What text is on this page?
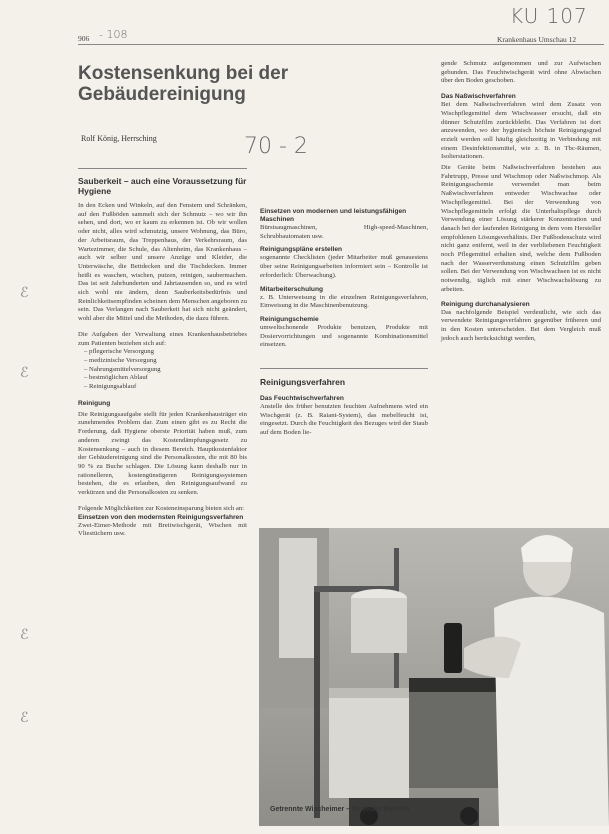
906 - 108	Krankenhaus Umschau 12
KU 107
Kostensenkung bei der
Gebäudereinigung
Rolf König, Herrsching	70 - 2
ℰ
ℰ
ℰ
ℰ
Sauberkeit – auch eine Voraussetzung für Hygiene
In den Ecken und Winkeln, auf den Fenstern und Schränken, auf den Fußböden sammelt sich der Schmutz – wo wir ihn sehen, und dort, wo er kaum zu erkennen ist. Ob wir wollen oder nicht, alles wird schmutzig, unsere Wohnung, das Büro, der Arbeitsraum, das Treppenhaus, der Verkehrsraum, das Wartezimmer, die Schule, das Altenheim, das Krankenhaus – auch wir selber und unsere Anzüge und Kleider, die Unterwäsche, die Bettdecken und die Tischdecken. Immer heißt es waschen, wischen, putzen, reinigen, saubermachen. Das ist seit Jahrhunderten und Jahrtausenden so, und es wird sich wohl nie ändern, denn Sauberkeitsbedürfnis und Reinlichkeitsempfinden scheinen dem Menschen angeboren zu sein. Das Verlangen nach Sauberkeit hat sich nicht geändert, wohl aber die Mittel und die Methoden, die dazu führen.
Die Aufgaben der Verwaltung eines Krankenhausbetriebes zum Patienten beziehen sich auf:
– pflegerische Versorgung
– medizinische Versorgung
– Nahrungsmittelversorgung
– bestmöglichen Ablauf
– Reinigungsablauf
Reinigung
Die Reinigungsaufgabe stellt für jeden Krankenhausträger ein zunehmendes Problem dar. Zum einen gibt es zu Recht die Forderung, daß Hygiene oberste Priorität haben muß, zum anderen zwingt das Kostendämpfungsgesetz zu Kostensenkung – auch in diesem Bereich. Hauptkostenfaktor der Gebäudereinigung sind die Personalkosten, die mit 80 bis 90 % zu Buche schlagen. Die Lösung kann deshalb nur in rationelleren, kostengünstigeren Reinigungssystemen bestehen, die es erlauben, den Reinigungsaufwand zu verkürzen und die Personalkosten zu senken.
Folgende Möglichkeiten zur Kosteneinsparung bieten sich an:
Einsetzen von den modernsten Reinigungsverfahren
Zwei-Eimer-Methode mit Breitwischgerät, Wischen mit Vliestüchern usw.
Einsetzen von modernen und leistungsfähigen Maschinen
Bürstsaugmaschinen, High-speed-Maschinen, Schrubbautomaten usw.
Reinigungspläne erstellen
sogenannte Checklisten (jeder Mitarbeiter muß genauestens über seine Reinigungsarbeiten informiert sein – Kontrolle ist erforderlich: Überwachung).
Mitarbeiterschulung
z. B. Unterweisung in die einzelnen Reinigungsverfahren, Einweisung in die Maschinenbenutzung.
Reinigungschemie
umweltschonende Produkte benutzen, Produkte mit Dosiervorrichtungen und sogenannte Kombinationsmittel einsetzen.
Reinigungsverfahren
Das Feuchtwischverfahren
Anstelle des früher benutzten feuchten Aufnehmens wird ein Wischgerät (z. B. Raiant-System), das mebelfeucht ist, eingesetzt. Durch die Feuchtigkeit des Bezuges wird der Staub auf dem Boden lie-
gende Schmutz aufgenommen und zur Aufwischen gebunden. Das Feuchtwischgerät wird ohne Abwischen über den Boden geschoben.
Das Naßwischverfahren
Bei dem Naßwischverfahren wird dem Zusatz von Wischpflegemittel dem Wischwasser ersucht, daß ein dünner Schutzfilm zurückbleibt. Das Verfahren ist dort anzuwenden, wo der hygienisch höchste Reinigungsgrad erzielt werden soll häufig gleichzeitig in Verbindung mit einem Desinfektionsmittel, wie z. B. in Tbc-Räumen, Isolierstationen.
Die Geräte beim Naßwischverfahren bestehen aus Fahrtrupp, Presse und Wischmop oder Naßwischmop. Als Reinigungsschemie verwendet man beim Naßwischverfahren entweder Wischwachse oder Wischpflegemittel. Bei der Verwendung von Wischpflegemitteln erfolgt die Unterhaltspflege durch Verwendung einer Lösung stärkerer Konzentration und danach bei der laufenden Reinigung in dem vom Hersteller empfohlenen Lösungsverhältnis. Der Fußbodenschutz wird nicht ganz entfernt, weil in der verbliebenen Feuchtigkeit noch Pflegemittel erhalten sind, welche dem Fußboden nach der Wasserverdunstung einen Schutzfilm geben sollen. Bei der Verwendung von Wischwachsen ist es nicht notwendig, täglich mit einer Wischwachslösung zu arbeiten.
Reinigung durchanalysieren
Das nachfolgende Beispiel verdeutlicht, wie sich das verwendete Reinigungsverfahren gegenüber früheren und in den Kosten unterscheiden. Bei dem Vergleich muß jedoch auch berücksichtigt werden,
Getrennte Wischeimer – für jeden Bereich
